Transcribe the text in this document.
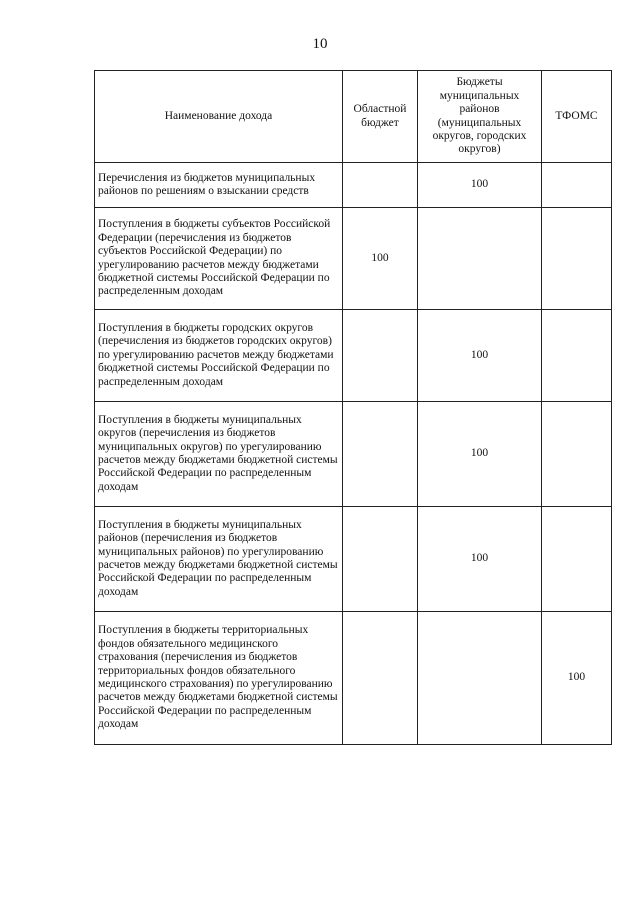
10
Наименование дохода	Областной бюджет	Бюджеты муниципальных районов (муниципальных округов, городских округов)	ТФОМС
Перечисления из бюджетов муниципальных районов по решениям о взыскании средств		100	
Поступления в бюджеты субъектов Российской Федерации (перечисления из бюджетов субъектов Российской Федерации) по урегулированию расчетов между бюджетами бюджетной системы Российской Федерации по распределенным доходам	100		
Поступления в бюджеты городских округов (перечисления из бюджетов городских округов) по урегулированию расчетов между бюджетами бюджетной системы Российской Федерации по распределенным доходам		100	
Поступления в бюджеты муниципальных округов (перечисления из бюджетов муниципальных округов) по урегулированию расчетов между бюджетами бюджетной системы Российской Федерации по распределенным доходам		100	
Поступления в бюджеты муниципальных районов (перечисления из бюджетов муниципальных районов) по урегулированию расчетов между бюджетами бюджетной системы Российской Федерации по распределенным доходам		100	
Поступления в бюджеты территориальных фондов обязательного медицинского страхования (перечисления из бюджетов территориальных фондов обязательного медицинского страхования) по урегулированию расчетов между бюджетами бюджетной системы Российской Федерации по распределенным доходам			100
